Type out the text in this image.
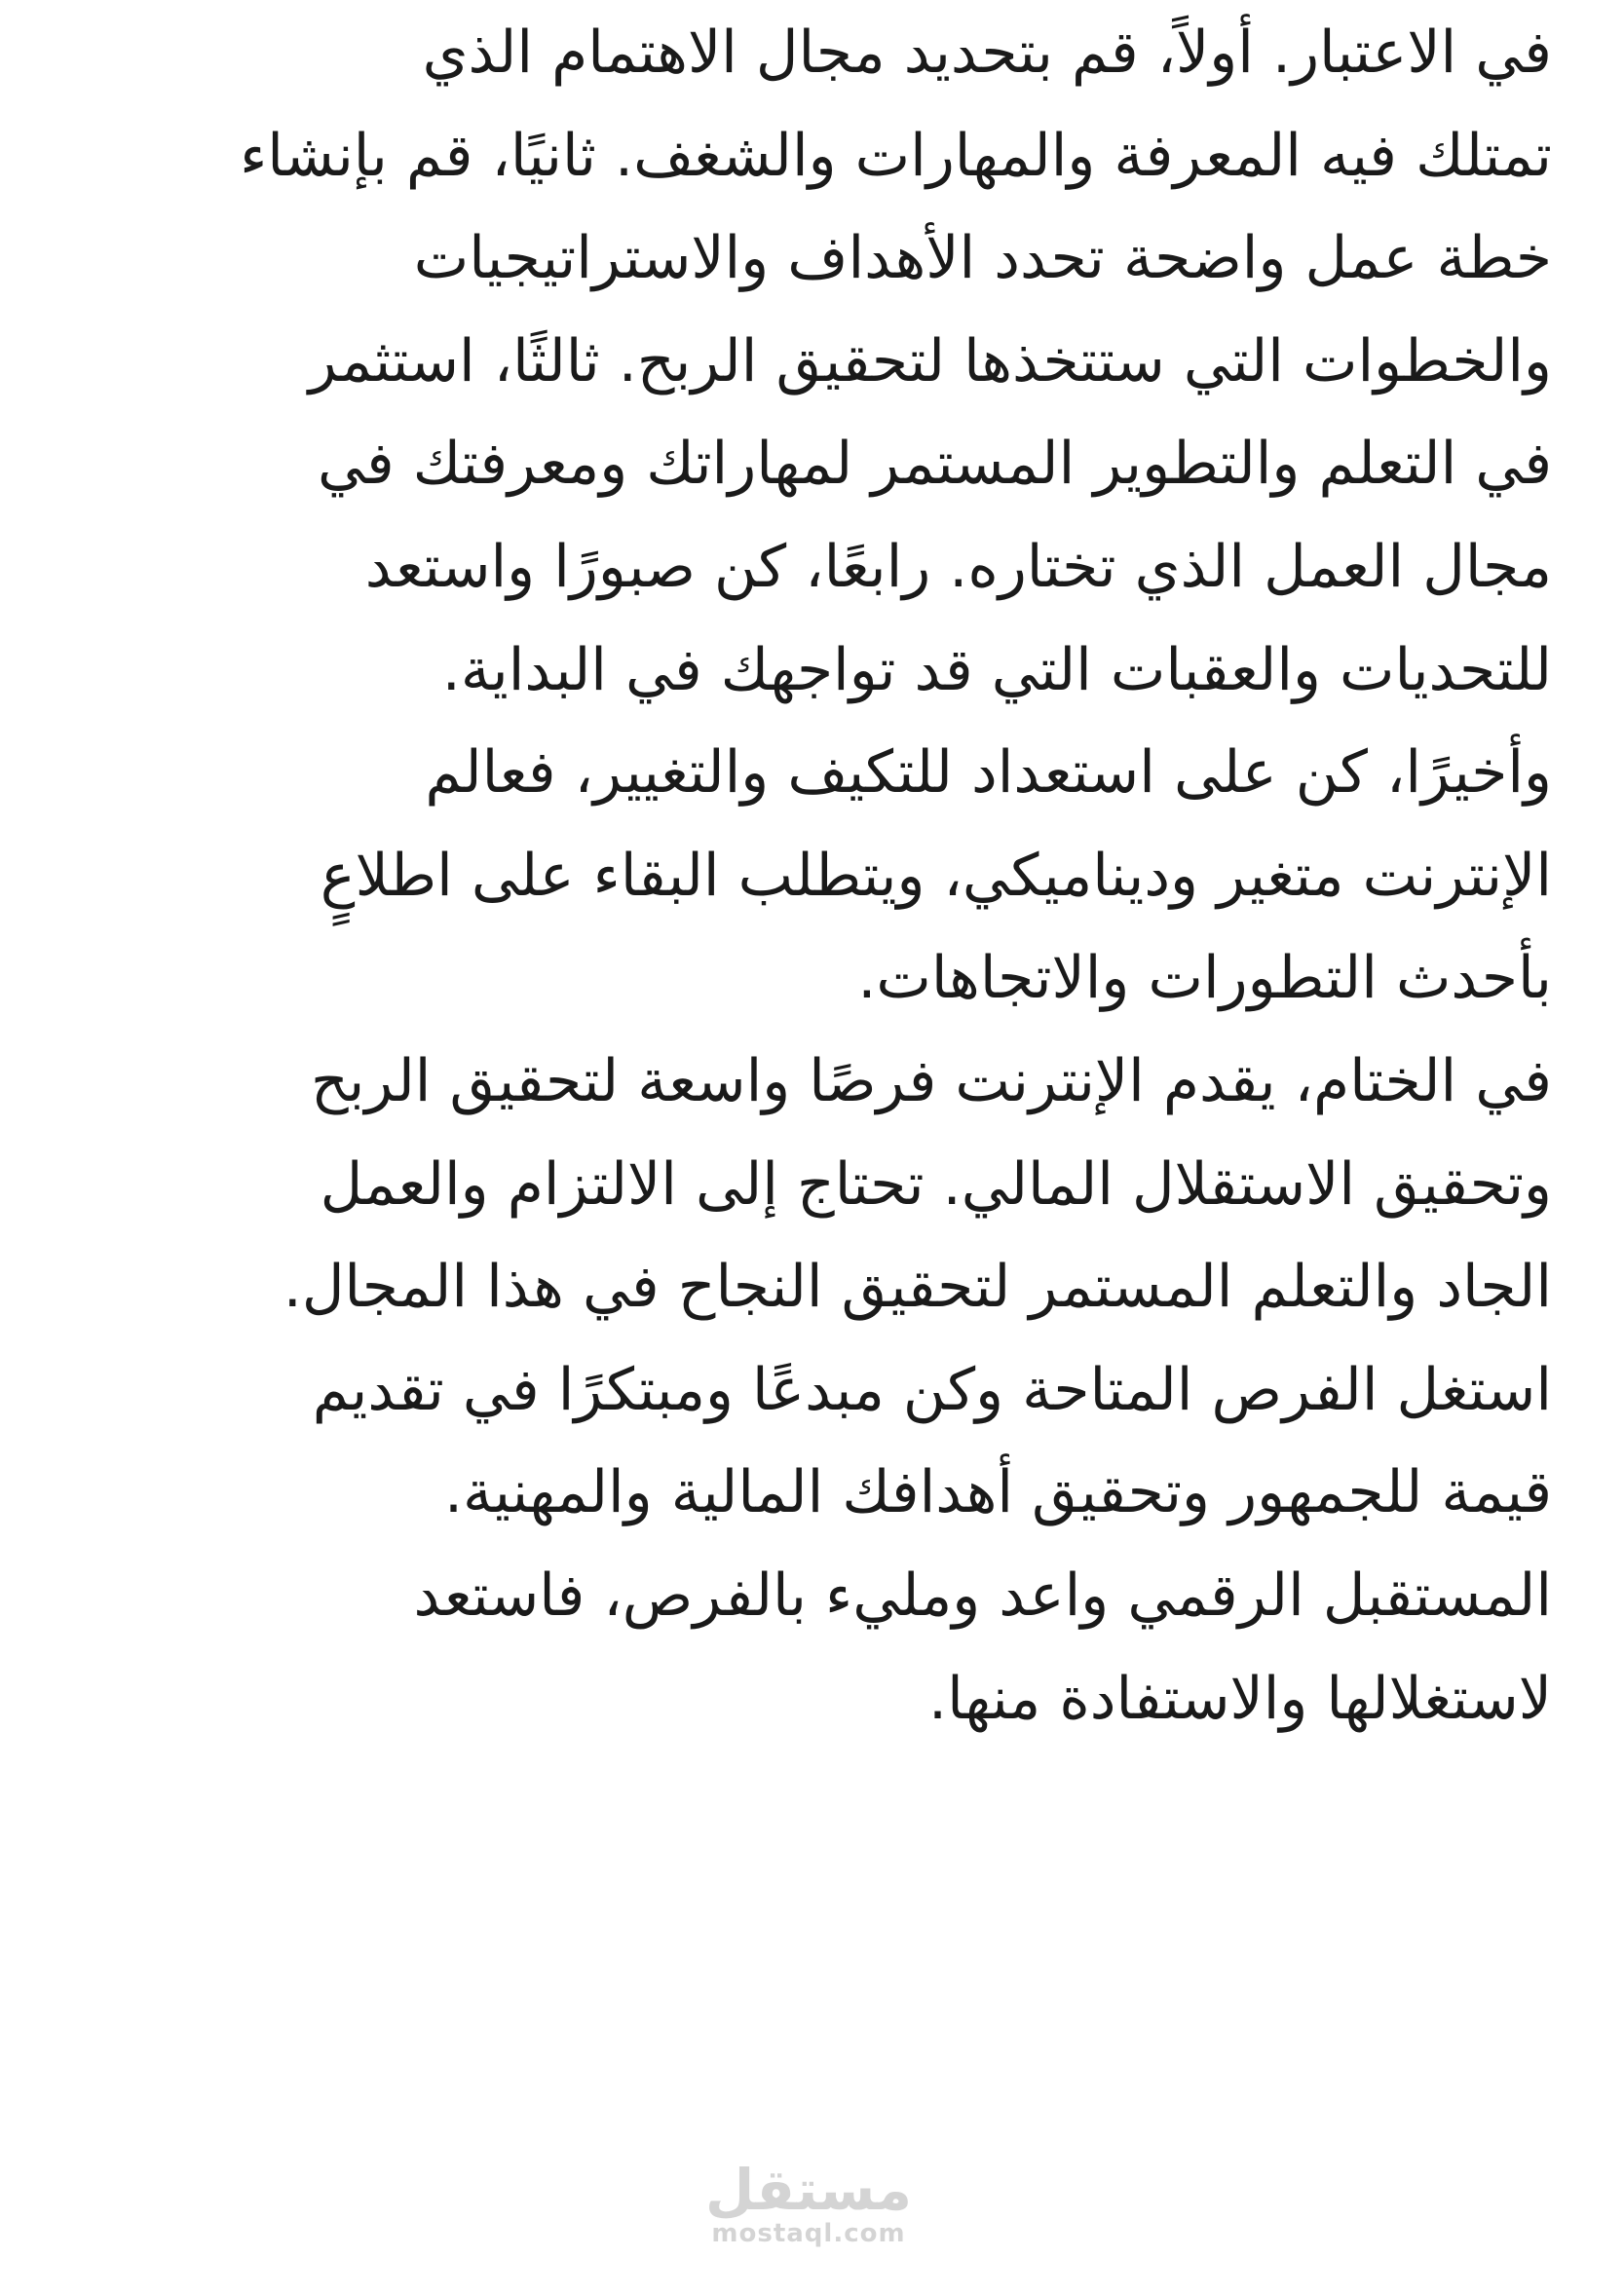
في الاعتبار. أولاً، قم بتحديد مجال الاهتمام الذي
تمتلك فيه المعرفة والمهارات والشغف. ثانيًا، قم بإنشاء
خطة عمل واضحة تحدد الأهداف والاستراتيجيات
والخطوات التي ستتخذها لتحقيق الربح. ثالثًا، استثمر
في التعلم والتطوير المستمر لمهاراتك ومعرفتك في
مجال العمل الذي تختاره. رابعًا، كن صبورًا واستعد
للتحديات والعقبات التي قد تواجهك في البداية.
وأخيرًا، كن على استعداد للتكيف والتغيير، فعالم
الإنترنت متغير وديناميكي، ويتطلب البقاء على اطلاعٍ
بأحدث التطورات والاتجاهات.
في الختام، يقدم الإنترنت فرصًا واسعة لتحقيق الربح
وتحقيق الاستقلال المالي. تحتاج إلى الالتزام والعمل
الجاد والتعلم المستمر لتحقيق النجاح في هذا المجال.
استغل الفرص المتاحة وكن مبدعًا ومبتكرًا في تقديم
قيمة للجمهور وتحقيق أهدافك المالية والمهنية.
المستقبل الرقمي واعد ومليء بالفرص، فاستعد
لاستغلالها والاستفادة منها.
مستقل
mostaql.com
